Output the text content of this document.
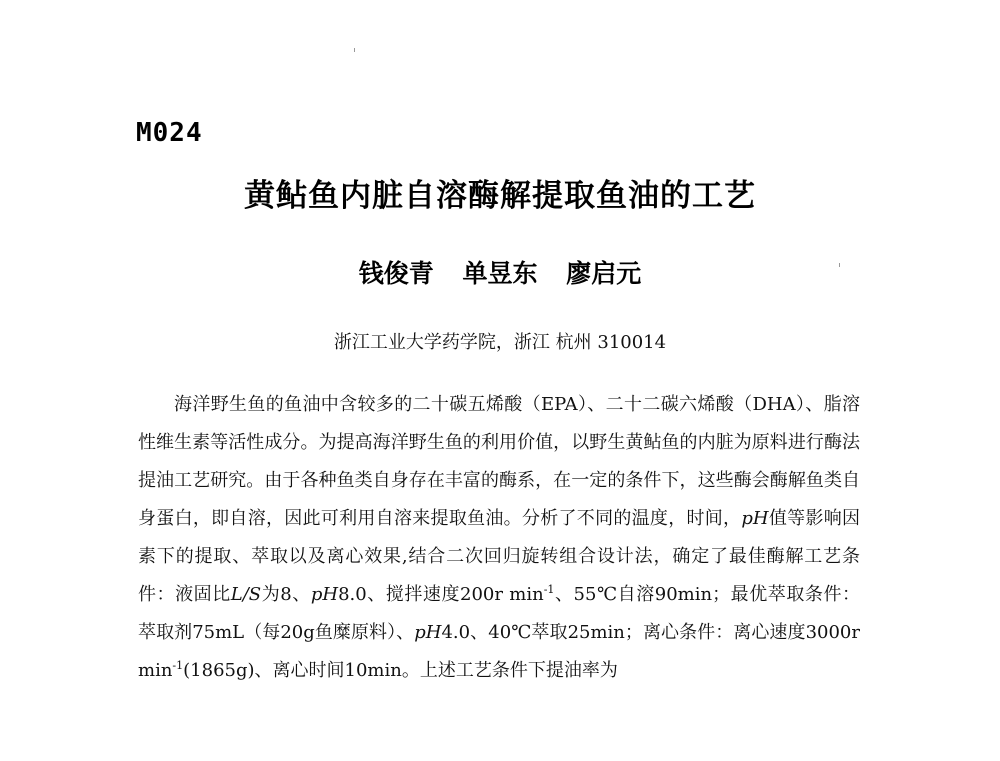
M024
黄鲇鱼内脏自溶酶解提取鱼油的工艺
钱俊青 单昱东 廖启元
浙江工业大学药学院，浙江 杭州 310014

海洋野生鱼的鱼油中含较多的二十碳五烯酸（EPA）、二十二碳六烯酸（DHA）、脂溶性维生素等活性成分。为提高海洋野生鱼的利用价值，以野生黄鲇鱼的内脏为原料进行酶法提油工艺研究。由于各种鱼类自身存在丰富的酶系，在一定的条件下，这些酶会酶解鱼类自身蛋白，即自溶，因此可利用自溶来提取鱼油。分析了不同的温度，时间，pH值等影响因素下的提取、萃取以及离心效果,结合二次回归旋转组合设计法，确定了最佳酶解工艺条件：液固比L/S为8、pH8.0、搅拌速度200r $\min^{-1}$、55℃自溶90min；最优萃取条件：萃取剂75mL（每20g鱼糜原料）、pH4.0、40℃萃取25min；离心条件：离心速度3000r $\min^{-1}(1865g)$、离心时间10min。上述工艺条件下提油率为
